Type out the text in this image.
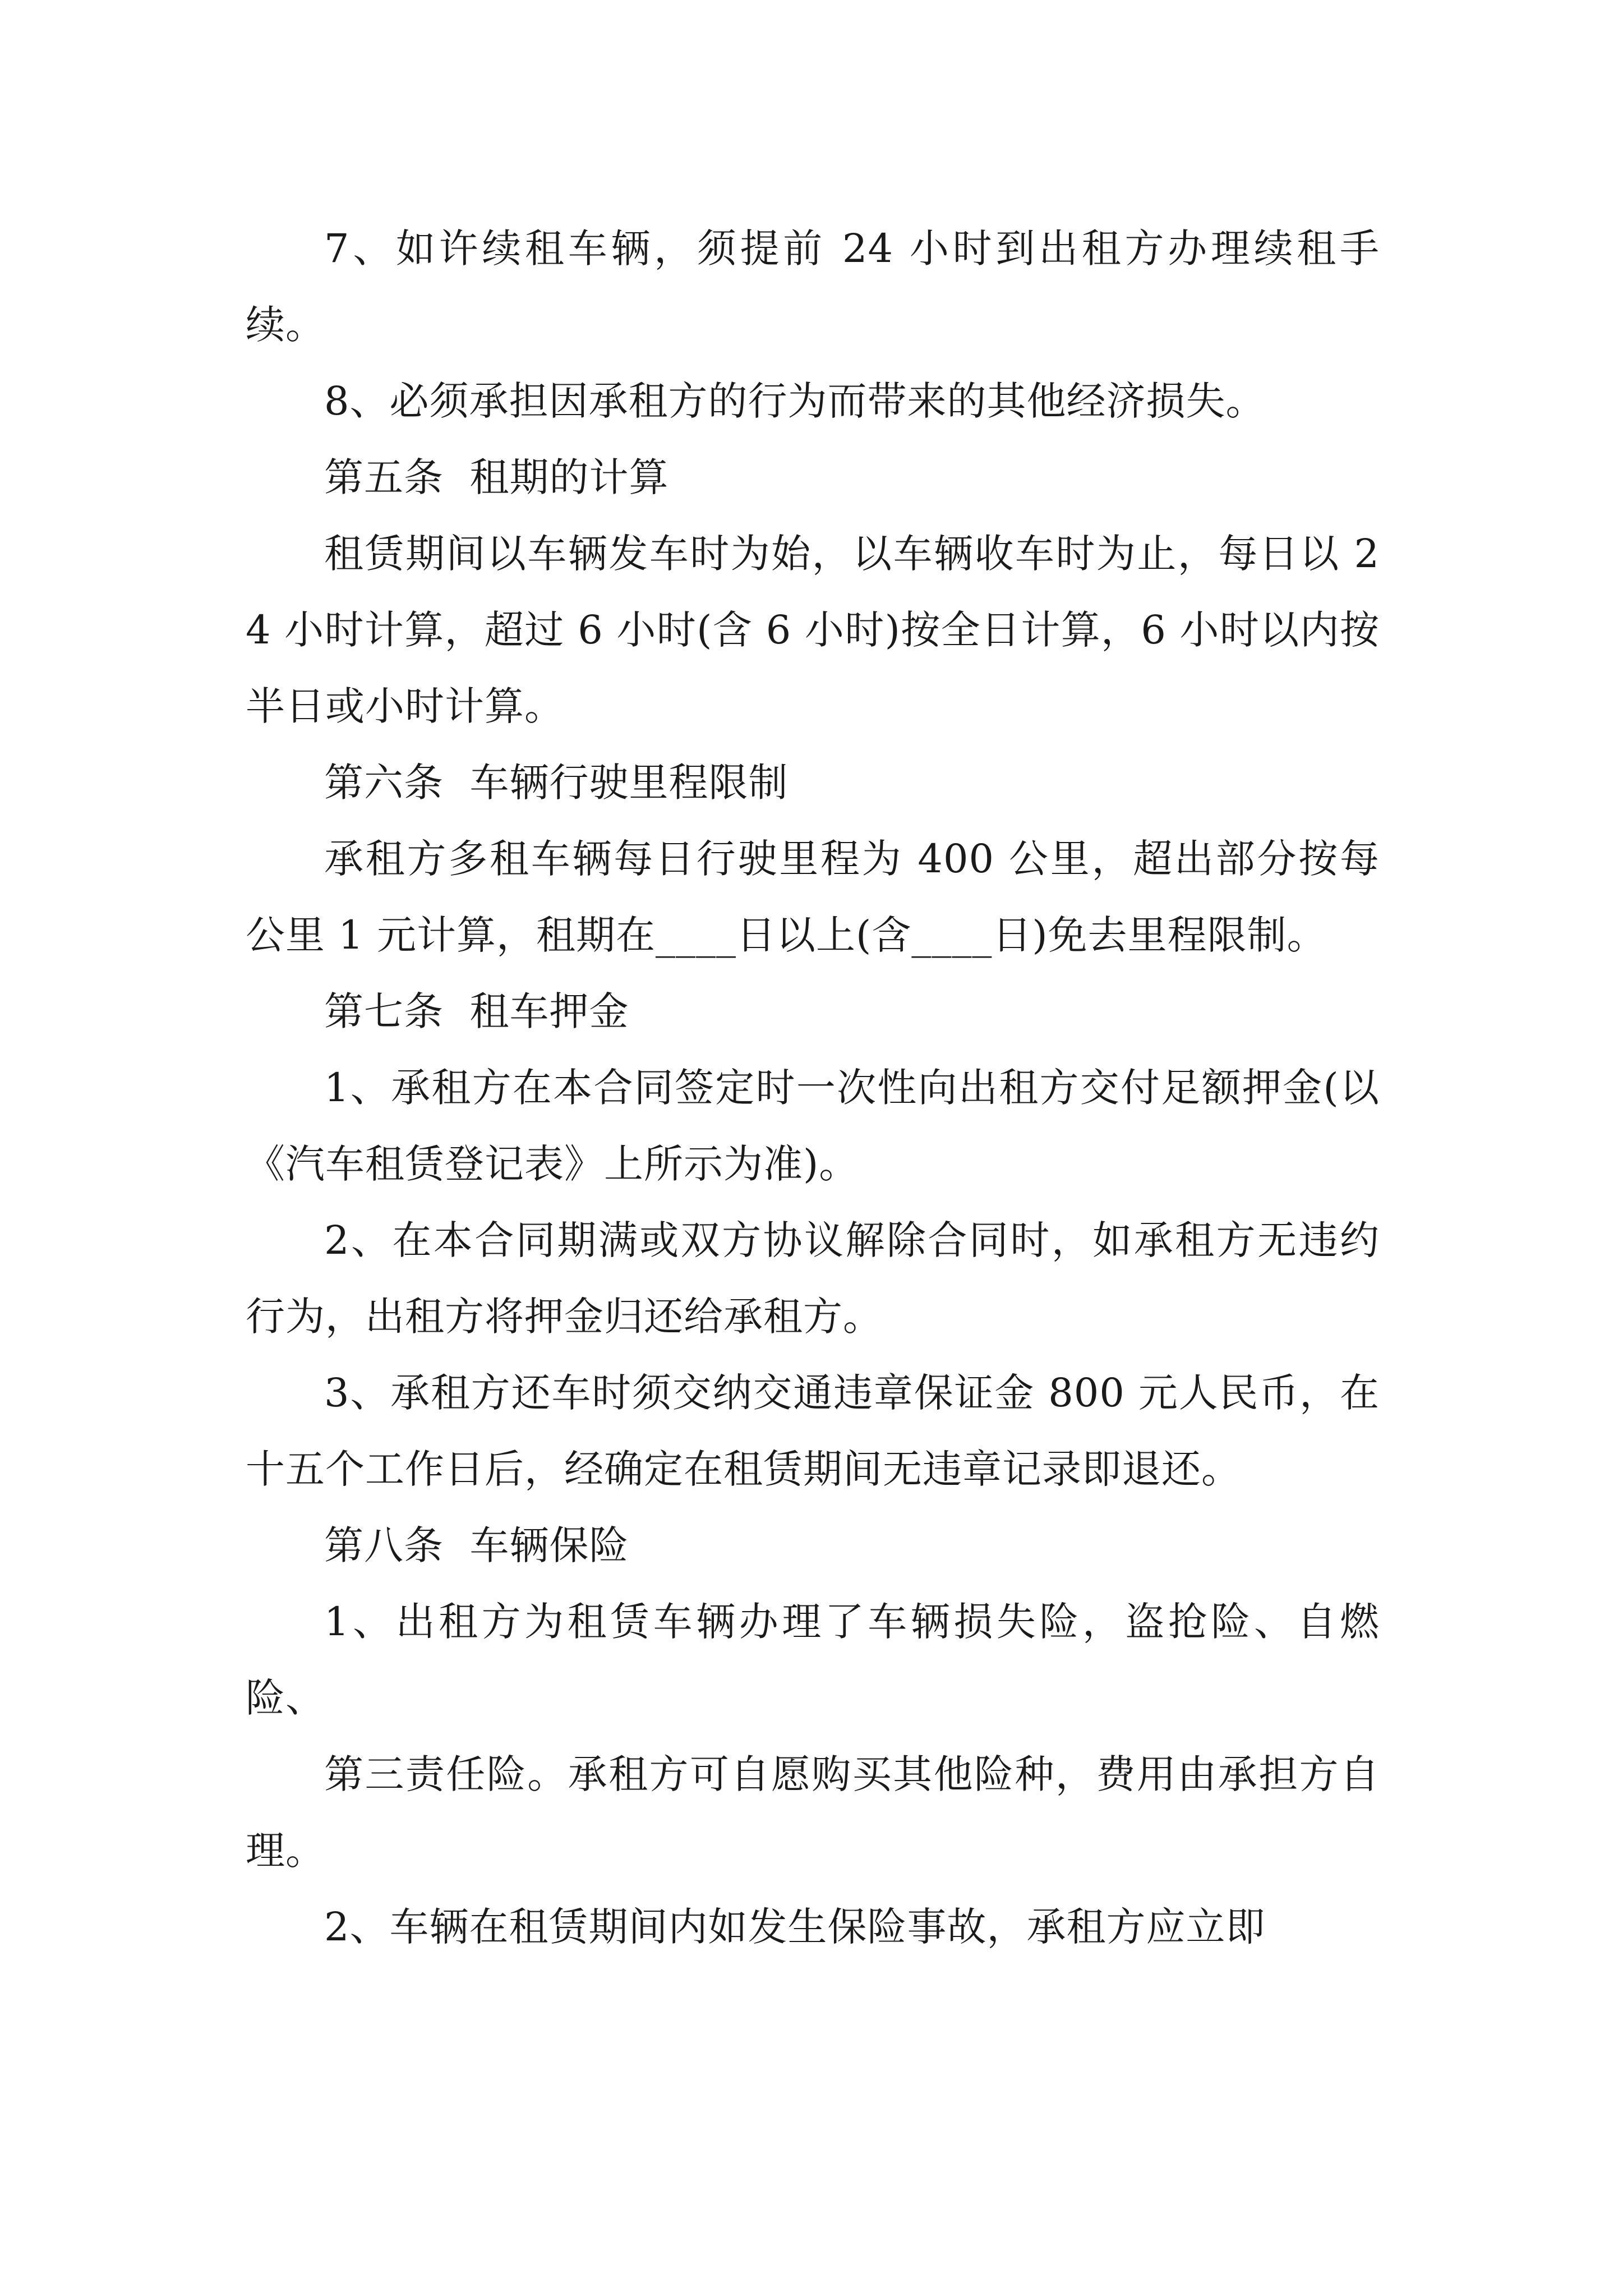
7、如许续租车辆，须提前 24 小时到出租方办理续租手续。

8、必须承担因承租方的行为而带来的其他经济损失。

第五条  租期的计算

租赁期间以车辆发车时为始，以车辆收车时为止，每日以 24 小时计算，超过 6 小时(含 6 小时)按全日计算，6 小时以内按半日或小时计算。

第六条  车辆行驶里程限制

承租方多租车辆每日行驶里程为 400 公里，超出部分按每公里 1 元计算，租期在____日以上(含____日)免去里程限制。

第七条  租车押金

1、承租方在本合同签定时一次性向出租方交付足额押金(以《汽车租赁登记表》上所示为准)。

2、在本合同期满或双方协议解除合同时，如承租方无违约行为，出租方将押金归还给承租方。

3、承租方还车时须交纳交通违章保证金 800 元人民币，在十五个工作日后，经确定在租赁期间无违章记录即退还。

第八条  车辆保险

1、出租方为租赁车辆办理了车辆损失险，盗抢险、自燃险、

第三责任险。承租方可自愿购买其他险种，费用由承担方自理。

2、车辆在租赁期间内如发生保险事故，承租方应立即
